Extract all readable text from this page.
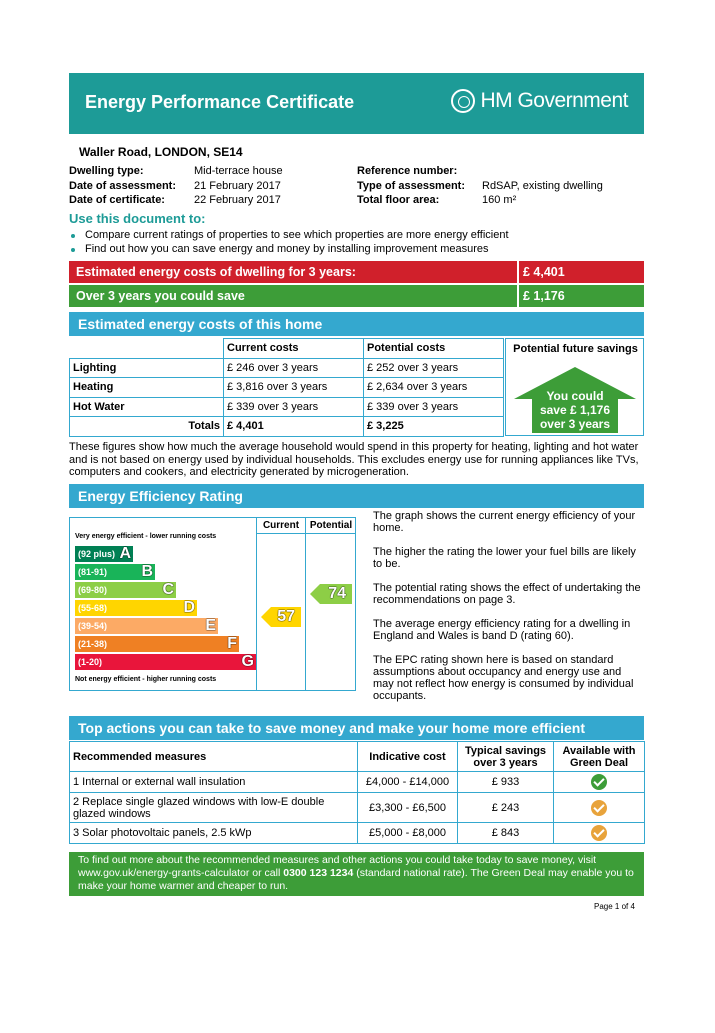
Energy Performance Certificate	HM Government
Waller Road, LONDON, SE14
Dwelling type:	Mid-terrace house
Date of assessment: 21 February 2017
Date of certificate:	22 February 2017
Reference number:
Type of assessment: RdSAP, existing dwelling
Total floor area:	160 m²
Use this document to:
Compare current ratings of properties to see which properties are more energy efficient
Find out how you can save energy and money by installing improvement measures
Estimated energy costs of dwelling for 3 years:	£ 4,401
Over 3 years you could save	£ 1,176
Estimated energy costs of this home
	Current costs	Potential costs
Lighting	£ 246 over 3 years	£ 252 over 3 years
Heating	£ 3,816 over 3 years	£ 2,634 over 3 years
Hot Water	£ 339 over 3 years	£ 339 over 3 years
Totals	£ 4,401	£ 3,225
Potential future savings
You could
save £ 1,176
over 3 years
These figures show how much the average household would spend in this property for heating, lighting and hot water and is not based on energy used by individual households. This excludes energy use for running appliances like TVs, computers and cookers, and electricity generated by microgeneration.
Energy Efficiency Rating
Very energy efficient - lower running costs
(92 plus) A
(81-91) B
(69-80)	C
(55-68)	D
(39-54)	E
(21-38)	F
(1-20)	G
Not energy efficient - higher running costs
Current	Potential
57
74

The graph shows the current energy efficiency of your home.

The higher the rating the lower your fuel bills are likely to be.

The potential rating shows the effect of undertaking the recommendations on page 3.

The average energy efficiency rating for a dwelling in England and Wales is band D (rating 60).

The EPC rating shown here is based on standard assumptions about occupancy and energy use and may not reflect how energy is consumed by individual occupants.

Top actions you can take to save money and make your home more efficient
Recommended measures	Indicative cost	Typical savings over 3 years	Available with Green Deal
1 Internal or external wall insulation	£4,000 - £14,000	£ 933	
2 Replace single glazed windows with low-E double glazed windows	£3,300 - £6,500	£ 243	
3 Solar photovoltaic panels, 2.5 kWp	£5,000 - £8,000	£ 843	
To find out more about the recommended measures and other actions you could take today to save money, visit www.gov.uk/energy-grants-calculator or call 0300 123 1234 (standard national rate). The Green Deal may enable you to make your home warmer and cheaper to run.
Page 1 of 4
